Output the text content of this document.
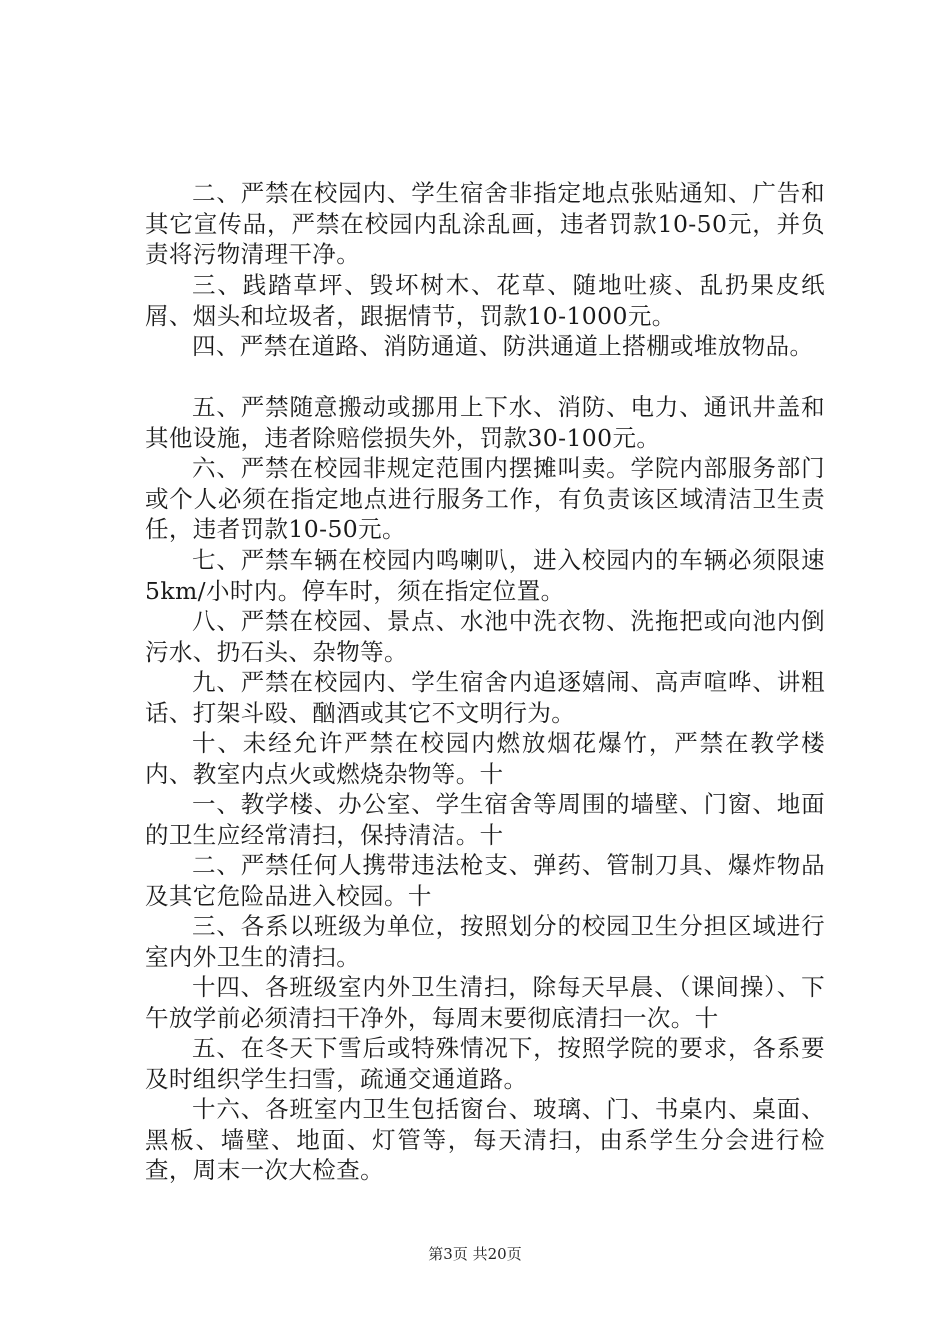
二、严禁在校园内、学生宿舍非指定地点张贴通知、广告和其它宣传品，严禁在校园内乱涂乱画，违者罚款10-50元，并负责将污物清理干净。

三、践踏草坪、毁坏树木、花草、随地吐痰、乱扔果皮纸屑、烟头和垃圾者，跟据情节，罚款10-1000元。

四、严禁在道路、消防通道、防洪通道上搭棚或堆放物品。

五、严禁随意搬动或挪用上下水、消防、电力、通讯井盖和其他设施，违者除赔偿损失外，罚款30-100元。

六、严禁在校园非规定范围内摆摊叫卖。学院内部服务部门或个人必须在指定地点进行服务工作，有负责该区域清洁卫生责任，违者罚款10-50元。

七、严禁车辆在校园内鸣喇叭，进入校园内的车辆必须限速5km/小时内。停车时，须在指定位置。

八、严禁在校园、景点、水池中洗衣物、洗拖把或向池内倒污水、扔石头、杂物等。

九、严禁在校园内、学生宿舍内追逐嬉闹、高声喧哗、讲粗话、打架斗殴、酗酒或其它不文明行为。

十、未经允许严禁在校园内燃放烟花爆竹，严禁在教学楼内、教室内点火或燃烧杂物等。十

一、教学楼、办公室、学生宿舍等周围的墙壁、门窗、地面的卫生应经常清扫，保持清洁。十

二、严禁任何人携带违法枪支、弹药、管制刀具、爆炸物品及其它危险品进入校园。十

三、各系以班级为单位，按照划分的校园卫生分担区域进行室内外卫生的清扫。

十四、各班级室内外卫生清扫，除每天早晨、（课间操）、下午放学前必须清扫干净外，每周末要彻底清扫一次。十

五、在冬天下雪后或特殊情况下，按照学院的要求，各系要及时组织学生扫雪，疏通交通道路。

十六、各班室内卫生包括窗台、玻璃、门、书桌内、桌面、黑板、墙壁、地面、灯管等，每天清扫，由系学生分会进行检查，周末一次大检查。

第3页 共20页
